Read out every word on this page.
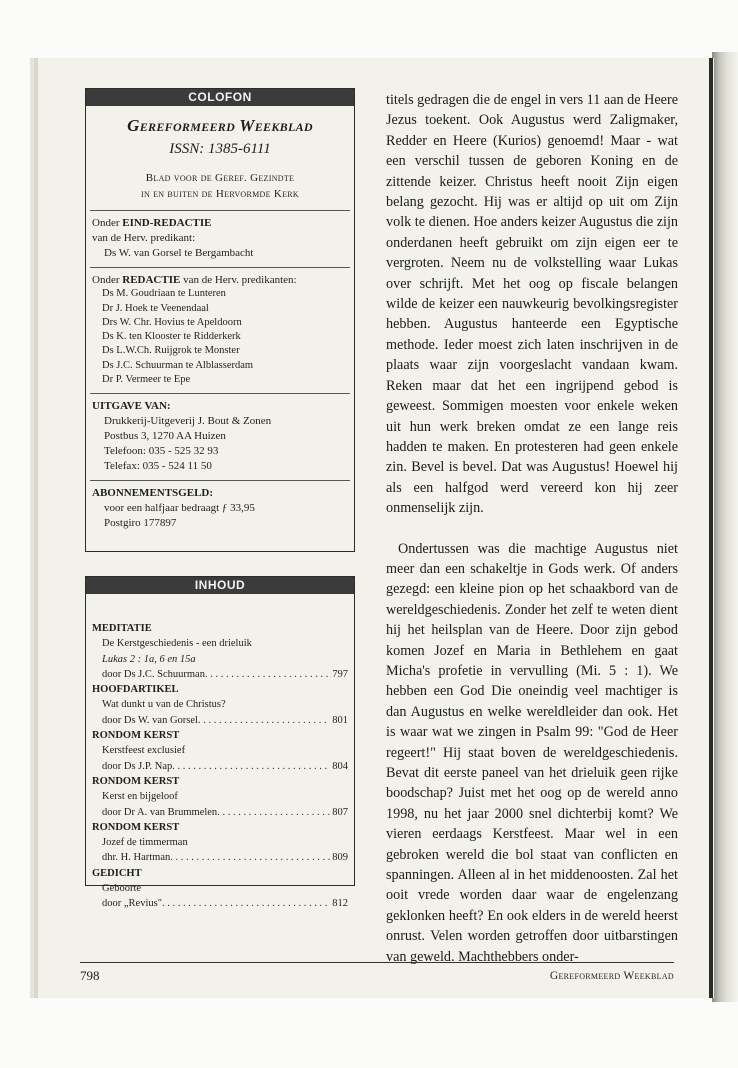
COLOFON
Gereformeerd Weekblad
ISSN: 1385-6111
Blad voor de Geref. Gezindte
in en buiten de Hervormde Kerk
Onder EIND-REDACTIE
van de Herv. predikant:
Ds W. van Gorsel te Bergambacht
Onder REDACTIE van de Herv. predikanten:
Ds M. Goudriaan te Lunteren
Dr J. Hoek te Veenendaal
Drs W. Chr. Hovius te Apeldoorn
Ds K. ten Klooster te Ridderkerk
Ds L.W.Ch. Ruijgrok te Monster
Ds J.C. Schuurman te Alblasserdam
Dr P. Vermeer te Epe
UITGAVE VAN:
Drukkerij-Uitgeverij J. Bout & Zonen
Postbus 3, 1270 AA Huizen
Telefoon: 035 - 525 32 93
Telefax: 035 - 524 11 50
ABONNEMENTSGELD:
voor een halfjaar bedraagt ƒ 33,95
Postgiro 177897
INHOUD
MEDITATIE
De Kerstgeschiedenis - een drieluik
Lukas 2 : 1a, 6 en 15a
door Ds J.C. Schuurman . . .	797
HOOFDARTIKEL
Wat dunkt u van de Christus?
door Ds W. van Gorsel . . .	801
RONDOM KERST
Kerstfeest exclusief
door Ds J.P. Nap . . .	804
RONDOM KERST
Kerst en bijgeloof
door Dr A. van Brummelen . . .	807
RONDOM KERST
Jozef de timmerman
dhr. H. Hartman . . .	809
GEDICHT
Geboorte
door „Revius" . . .	812

titels gedragen die de engel in vers 11 aan de Heere Jezus toekent. Ook Augustus werd Zaligmaker, Redder en Heere (Kurios) genoemd! Maar - wat een verschil tussen de geboren Koning en de zittende keizer. Christus heeft nooit Zijn eigen belang gezocht. Hij was er altijd op uit om Zijn volk te dienen. Hoe anders keizer Augustus die zijn onderdanen heeft gebruikt om zijn eigen eer te vergroten. Neem nu de volkstelling waar Lukas over schrijft. Met het oog op fiscale belangen wilde de keizer een nauwkeurig bevolkingsregister hebben. Augustus hanteerde een Egyptische methode. Ieder moest zich laten inschrijven in de plaats waar zijn voorgeslacht vandaan kwam. Reken maar dat het een ingrijpend gebod is geweest. Sommigen moesten voor enkele weken uit hun werk breken omdat ze een lange reis hadden te maken. En protesteren had geen enkele zin. Bevel is bevel. Dat was Augustus! Hoewel hij als een halfgod werd vereerd kon hij zeer onmenselijk zijn.

Ondertussen was die machtige Augustus niet meer dan een schakeltje in Gods werk. Of anders gezegd: een kleine pion op het schaakbord van de wereldgeschiedenis. Zonder het zelf te weten dient hij het heilsplan van de Heere. Door zijn gebod komen Jozef en Maria in Bethlehem en gaat Micha's profetie in vervulling (Mi. 5 : 1). We hebben een God Die oneindig veel machtiger is dan Augustus en welke wereldleider dan ook. Het is waar wat we zingen in Psalm 99: "God de Heer regeert!" Hij staat boven de wereldgeschiedenis. Bevat dit eerste paneel van het drieluik geen rijke boodschap? Juist met het oog op de wereld anno 1998, nu het jaar 2000 snel dichterbij komt? We vieren eerdaags Kerstfeest. Maar wel in een gebroken wereld die bol staat van conflicten en spanningen. Alleen al in het middenoosten. Zal het ooit vrede worden daar waar de engelenzang geklonken heeft? En ook elders in de wereld heerst onrust. Velen worden getroffen door uitbarstingen van geweld. Machthebbers onder-

798	Gereformeerd Weekblad
